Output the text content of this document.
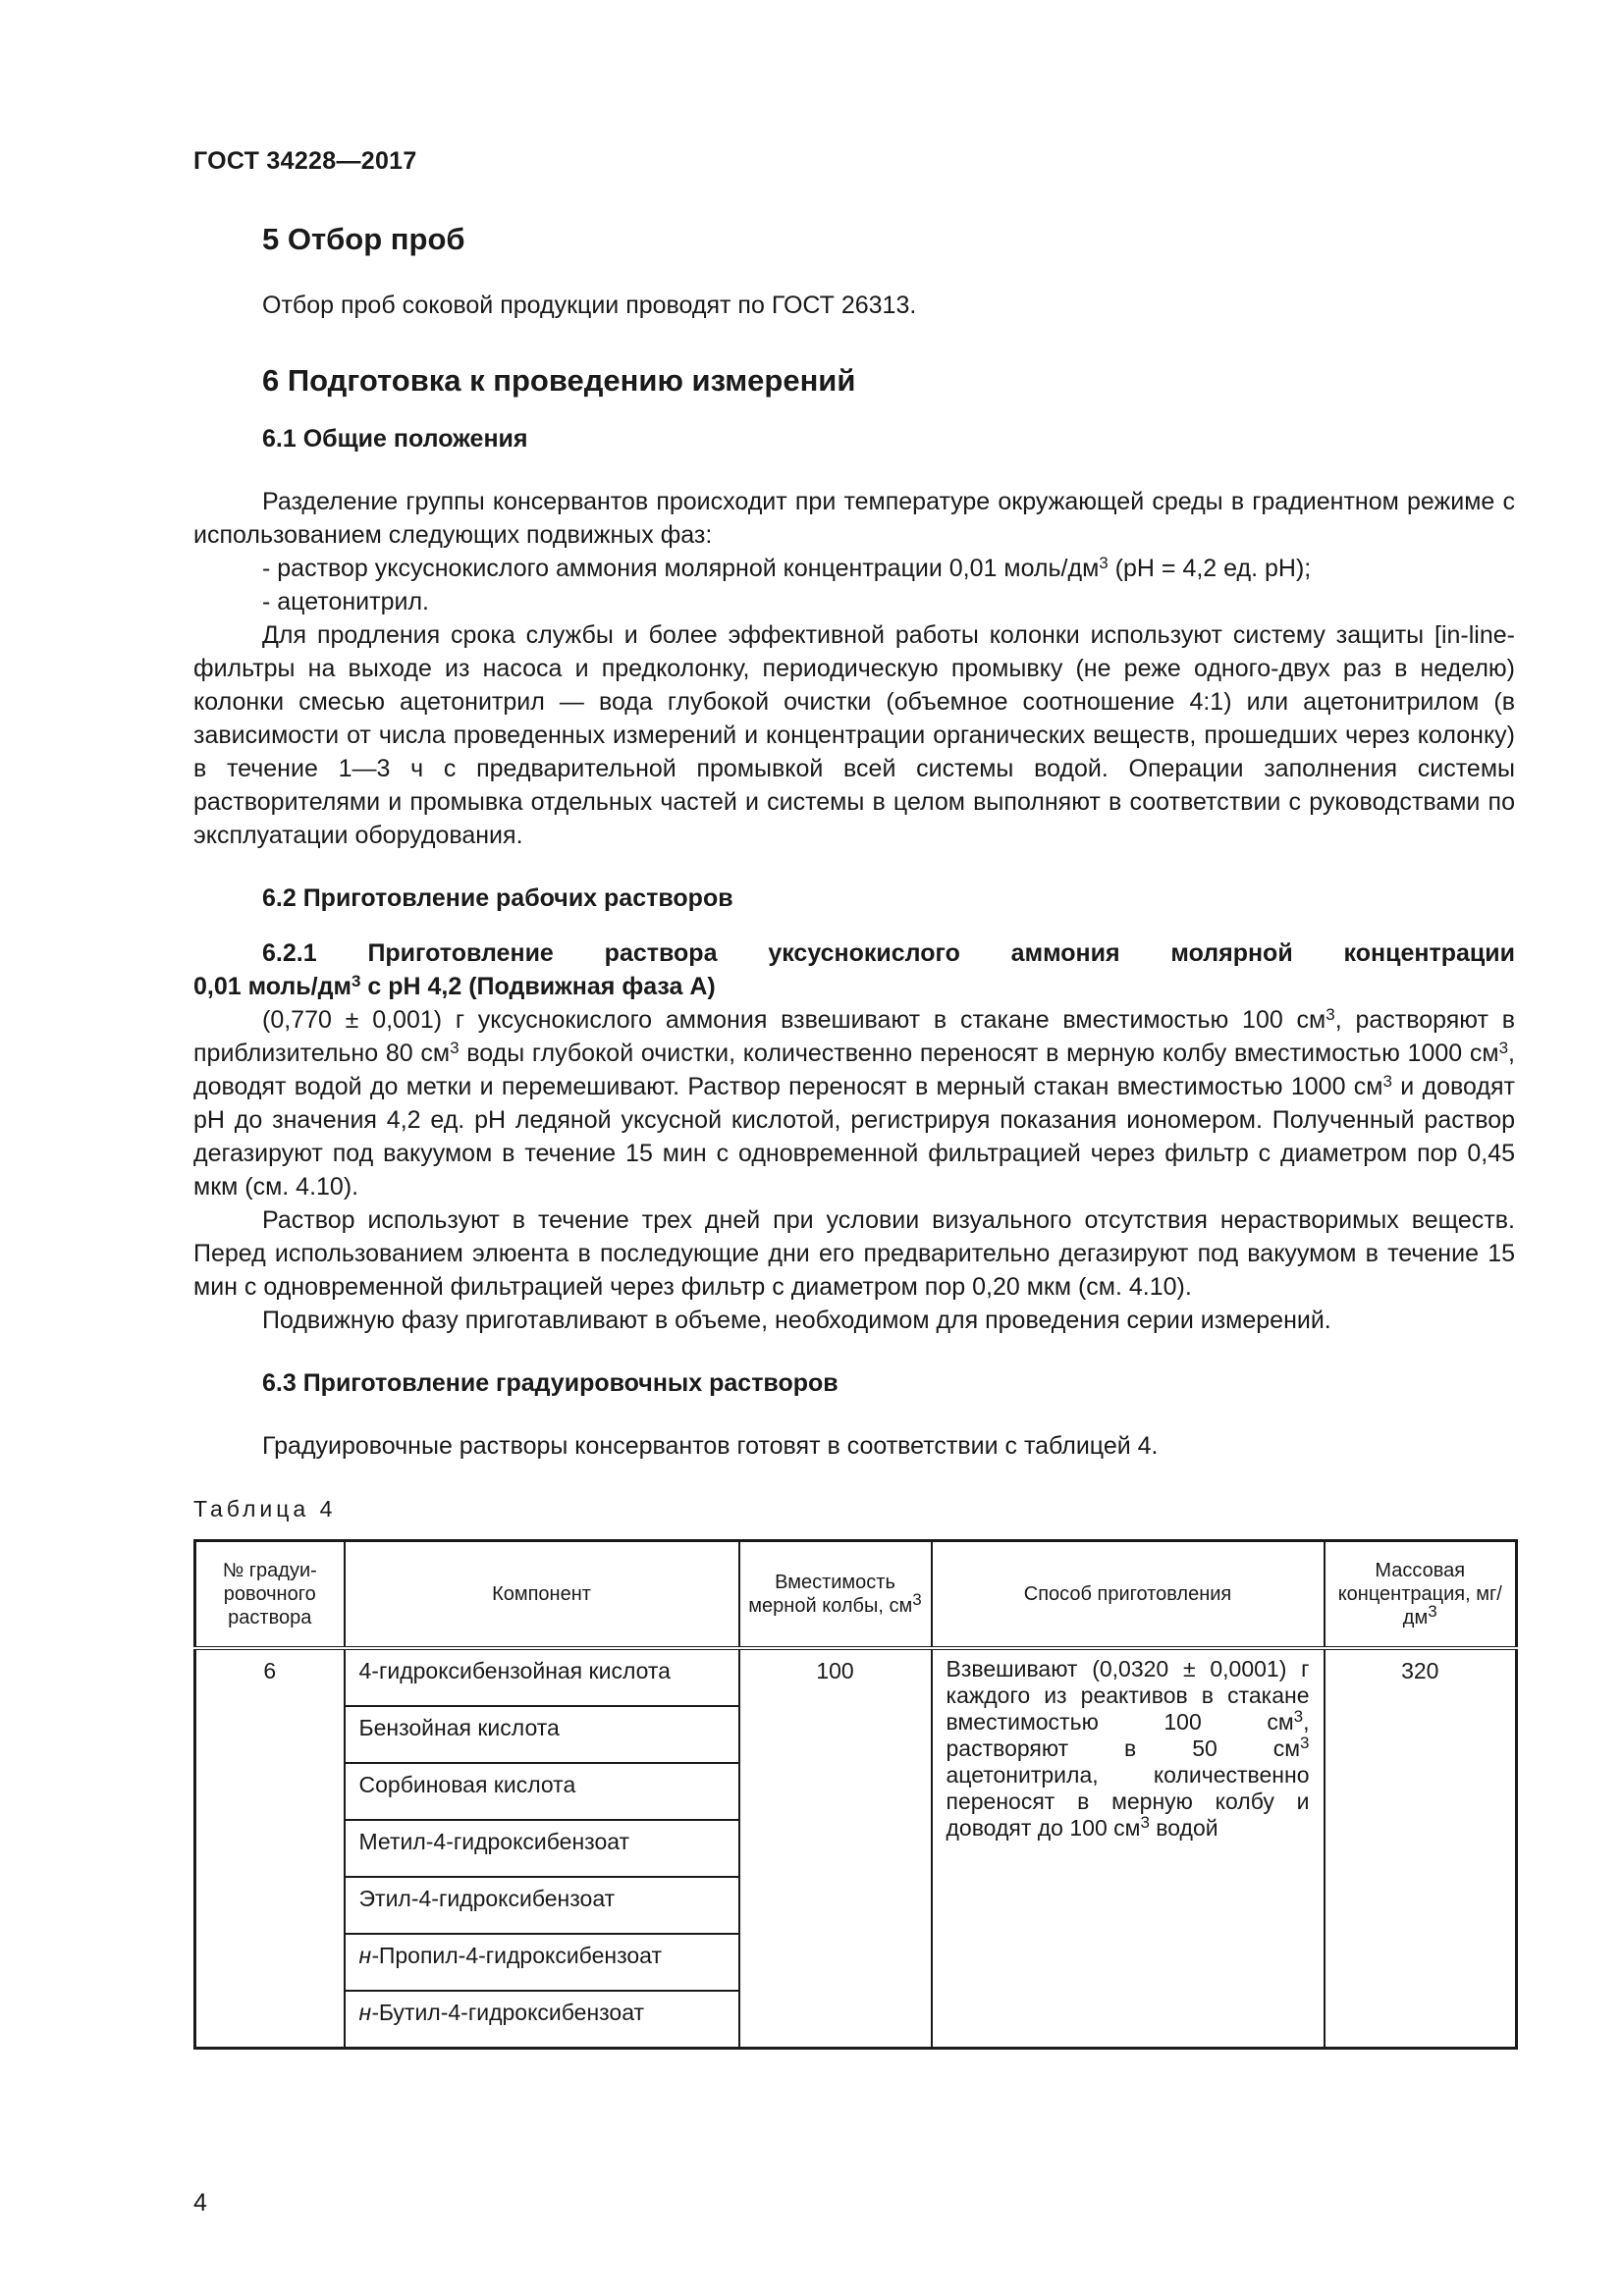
ГОСТ 34228—2017
5 Отбор проб

Отбор проб соковой продукции проводят по ГОСТ 26313.

6 Подготовка к проведению измерений
6.1 Общие положения

Разделение группы консервантов происходит при температуре окружающей среды в градиентном режиме с использованием следующих подвижных фаз:

- раствор уксуснокислого аммония молярной концентрации 0,01 моль/$дм^3$ (pH = 4,2 ед. pH);

- ацетонитрил.

Для продления срока службы и более эффективной работы колонки используют систему защиты [in-line-фильтры на выходе из насоса и предколонку, периодическую промывку (не реже одного-двух раз в неделю) колонки смесью ацетонитрил — вода глубокой очистки (объемное соотношение 4:1) или ацетонитрилом (в зависимости от числа проведенных измерений и концентрации органических веществ, прошедших через колонку) в течение 1—3 ч с предварительной промывкой всей системы водой. Операции заполнения системы растворителями и промывка отдельных частей и системы в целом выполняют в соответствии с руководствами по эксплуатации оборудования.

6.2 Приготовление рабочих растворов

6.2.1 Приготовление раствора уксуснокислого аммония молярной концентрации

0,01 моль/$дм^3$ с pH 4,2 (Подвижная фаза А)

(0,770 ± 0,001) г уксуснокислого аммония взвешивают в стакане вместимостью 100 $см^3$, растворяют в приблизительно 80 $см^3$ воды глубокой очистки, количественно переносят в мерную колбу вместимостью 1000 $см^3$, доводят водой до метки и перемешивают. Раствор переносят в мерный стакан вместимостью 1000 $см^3$ и доводят pH до значения 4,2 ед. pH ледяной уксусной кислотой, регистрируя показания иономером. Полученный раствор дегазируют под вакуумом в течение 15 мин с одновременной фильтрацией через фильтр с диаметром пор 0,45 мкм (см. 4.10).

Раствор используют в течение трех дней при условии визуального отсутствия нерастворимых веществ. Перед использованием элюента в последующие дни его предварительно дегазируют под вакуумом в течение 15 мин с одновременной фильтрацией через фильтр с диаметром пор 0,20 мкм (см. 4.10).

Подвижную фазу приготавливают в объеме, необходимом для проведения серии измерений.

6.3 Приготовление градуировочных растворов

Градуировочные растворы консервантов готовят в соответствии с таблицей 4.

Таблица 4
№ градуи- ровочного раствора	Компонент	Вместимость мерной колбы, $см^3$	Способ приготовления	Массовая концентрация, $мг/дм^3$
6	4-гидроксибензойная кислота	100	Взвешивают (0,0320 ± 0,0001) г каждого из реактивов в стакане вместимостью 100 $см^3$, растворяют в 50 $см^3$ ацетонитрила, количественно переносят в мерную колбу и доводят до 100 $см^3$ водой	320
	Бензойная кислота			
	Сорбиновая кислота			
	Метил-4-гидроксибензоат			
	Этил-4-гидроксибензоат			
	н-Пропил-4-гидроксибензоат			
	н-Бутил-4-гидроксибензоат			
4
